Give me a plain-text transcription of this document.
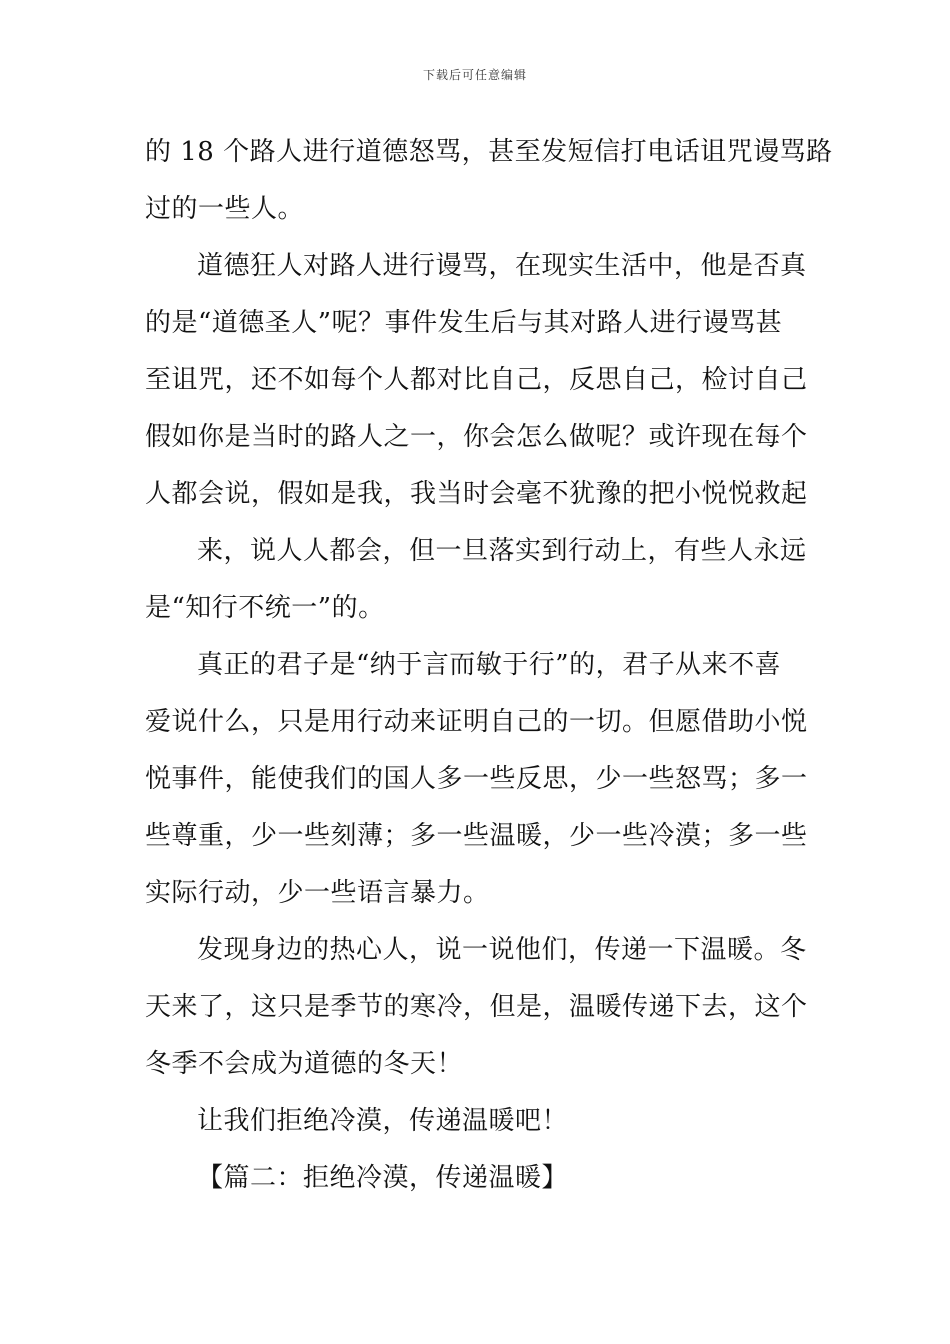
下载后可任意编辑
的 18 个路人进行道德怒骂，甚至发短信打电话诅咒谩骂路
过的一些人。
道德狂人对路人进行谩骂，在现实生活中，他是否真
的是“道德圣人”呢？事件发生后与其对路人进行谩骂甚
至诅咒，还不如每个人都对比自己，反思自己，检讨自己
假如你是当时的路人之一，你会怎么做呢？或许现在每个
人都会说，假如是我，我当时会毫不犹豫的把小悦悦救起
来，说人人都会，但一旦落实到行动上，有些人永远
是“知行不统一”的。
真正的君子是“纳于言而敏于行”的，君子从来不喜
爱说什么，只是用行动来证明自己的一切。但愿借助小悦
悦事件，能使我们的国人多一些反思，少一些怒骂；多一
些尊重，少一些刻薄；多一些温暖，少一些冷漠；多一些
实际行动，少一些语言暴力。
发现身边的热心人，说一说他们，传递一下温暖。冬
天来了，这只是季节的寒冷，但是，温暖传递下去，这个
冬季不会成为道德的冬天！
让我们拒绝冷漠，传递温暖吧！
【篇二：拒绝冷漠，传递温暖】
